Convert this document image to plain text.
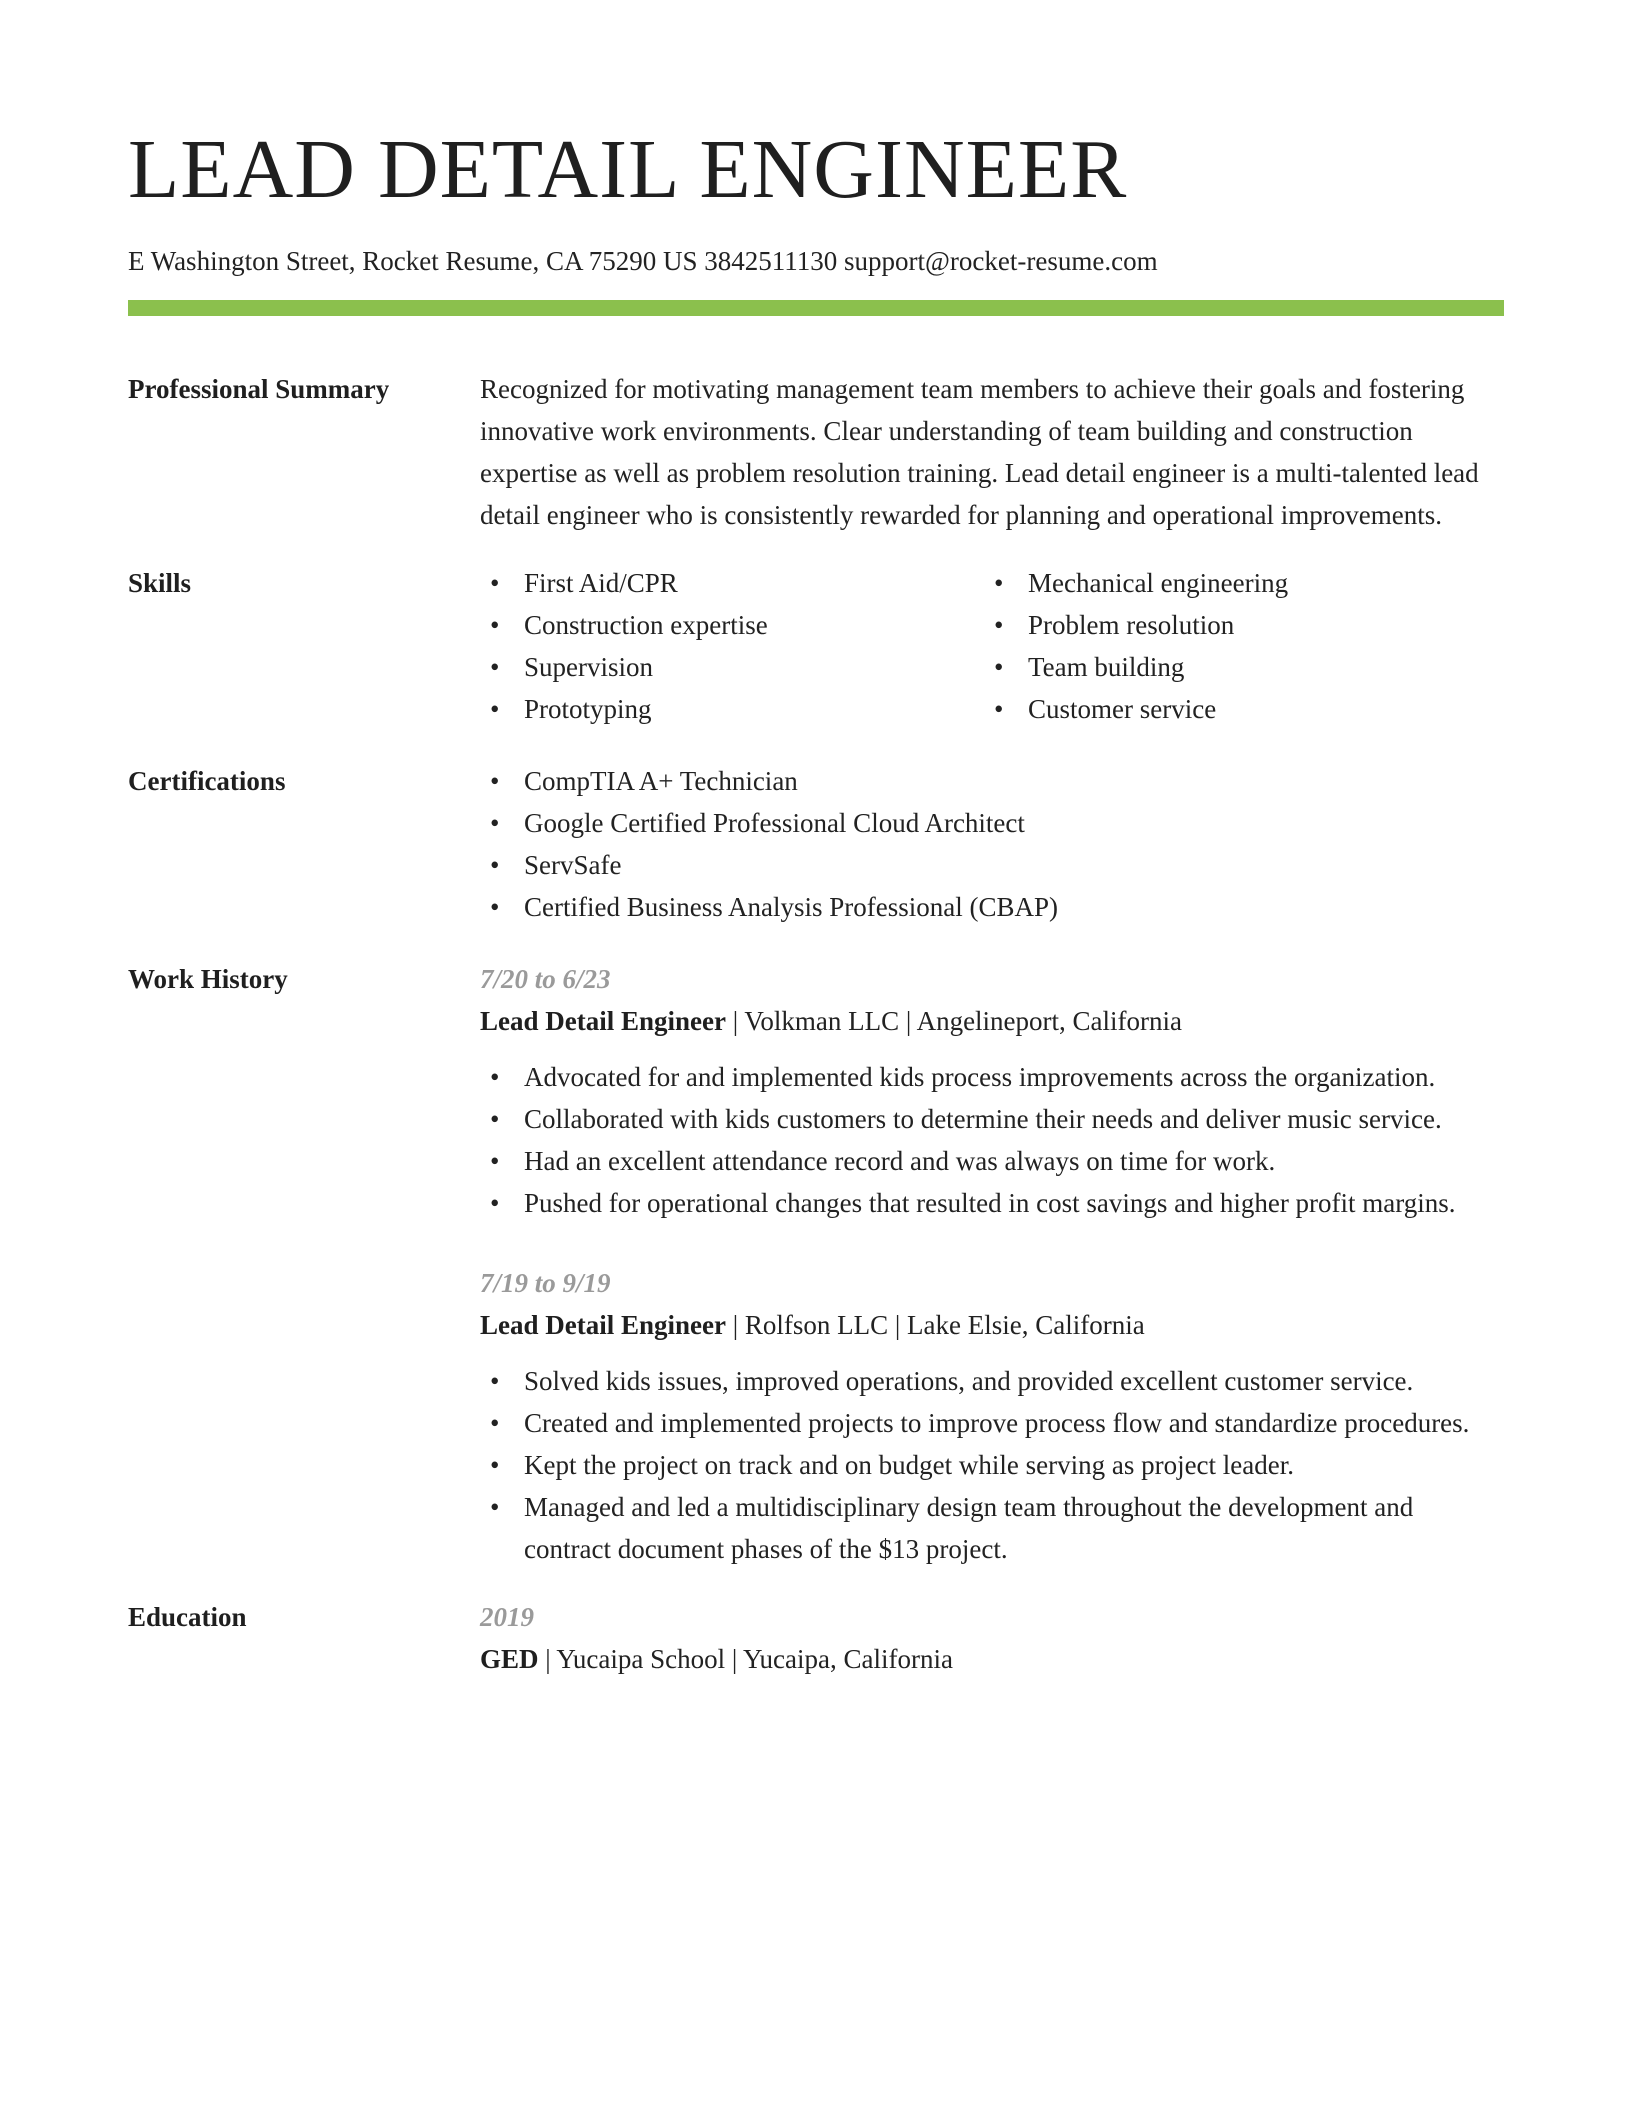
LEAD DETAIL ENGINEER
E Washington Street, Rocket Resume, CA 75290 US 3842511130 support@rocket-resume.com
Professional Summary	Recognized for motivating management team members to achieve their goals and fostering innovative work environments. Clear understanding of team building and construction expertise as well as problem resolution training. Lead detail engineer is a multi-talented lead detail engineer who is consistently rewarded for planning and operational improvements.

Skills	• First Aid/CPR
• Construction expertise
• Supervision
• Prototyping
• Mechanical engineering
• Problem resolution
• Team building
• Customer service
Certifications	• CompTIA A+ Technician
• Google Certified Professional Cloud Architect
• ServSafe
• Certified Business Analysis Professional (CBAP)
Work History	7/20 to 6/23
Lead Detail Engineer | Volkman LLC | Angelineport, California
• Advocated for and implemented kids process improvements across the organization.
• Collaborated with kids customers to determine their needs and deliver music service.
• Had an excellent attendance record and was always on time for work.
• Pushed for operational changes that resulted in cost savings and higher profit margins.
7/19 to 9/19
Lead Detail Engineer | Rolfson LLC | Lake Elsie, California
• Solved kids issues, improved operations, and provided excellent customer service.
• Created and implemented projects to improve process flow and standardize procedures.
• Kept the project on track and on budget while serving as project leader.
• Managed and led a multidisciplinary design team throughout the development and contract document phases of the $13 project.
Education	2019
GED | Yucaipa School | Yucaipa, California
